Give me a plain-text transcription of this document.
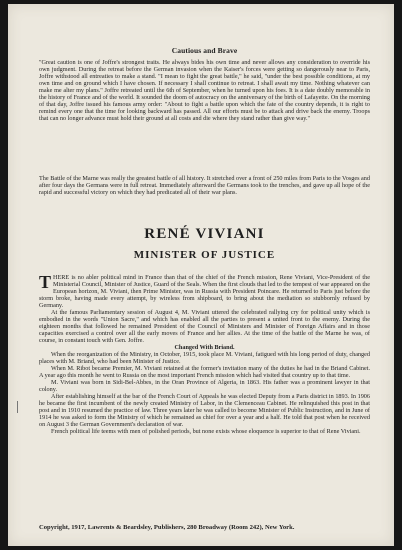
Cautious and Brave
"Great caution is one of Joffre's strongest traits. He always bides his own time and never allows any consideration to override his own judgment. During the retreat before the German invasion when the Kaiser's forces were getting so dangerously near to Paris, Joffre withstood all entreaties to make a stand. "I mean to fight the great battle," he said, "under the best possible conditions, at my own time and on ground which I have chosen. If necessary I shall continue to retreat. I shall await my time. Nothing whatever can make me alter my plans." Joffre retreated until the 6th of September, when he turned upon his foes. It is a date doubly memorable in the history of France and of the world. It sounded the doom of autocracy on the anniversary of the birth of Lafayette. On the morning of that day, Joffre issued his famous army order: "About to fight a battle upon which the fate of the country depends, it is right to remind every one that the time for looking backward has passed. All our efforts must be to attack and drive back the enemy. Troops that can no longer advance must hold their ground at all costs and die where they stand rather than give way."
The Battle of the Marne was really the greatest battle of all history. It stretched over a front of 250 miles from Paris to the Vosges and after four days the Germans were in full retreat. Immediately afterward the Germans took to the trenches, and gave up all hope of the rapid and successful victory on which they had predicated all of their war plans.
RENÉ VIVIANI
MINISTER OF JUSTICE

THERE is no abler political mind in France than that of the chief of the French mission, Rene Viviani, Vice-President of the Ministerial Council, Minister of Justice, Guard of the Seals. When the first clouds that led to the tempest of war appeared on the European horizon, M. Viviani, then Prime Minister, was in Russia with President Poincare. He returned to Paris just before the storm broke, having made every attempt, by wireless from shipboard, to bring about the mediation so stubbornly refused by Germany.

At the famous Parliamentary session of August 4, M. Viviani uttered the celebrated rallying cry for political unity which is embodied in the words "Union Sacre," and which has enabled all the parties to present a united front to the enemy. During the eighteen months that followed he remained President of the Council of Ministers and Minister of Foreign Affairs and in those capacities exercised a control over all the early moves of France and her allies. At the time of the battle of the Marne he was, of course, in constant touch with Gen. Joffre.

Changed With Briand.

When the reorganization of the Ministry, in October, 1915, took place M. Viviani, fatigued with his long period of duty, changed places with M. Briand, who had been Minister of Justice.

When M. Ribot became Premier, M. Viviani retained at the former's invitation many of the duties he had in the Briand Cabinet. A year ago this month he went to Russia on the most important French mission which had visited that country up to that time.

M. Viviani was born in Sidi-Bel-Abbes, in the Oran Province of Algeria, in 1863. His father was a prominent lawyer in that colony.

After establishing himself at the bar of the French Court of Appeals he was elected Deputy from a Paris district in 1893. In 1906 he became the first incumbent of the newly created Ministry of Labor, in the Clemenceau Cabinet. He relinquished this post in that post and in 1910 resumed the practice of law. Three years later he was called to become Minister of Public Instruction, and in June of 1914 he was asked to form the Ministry of which he remained as chief for over a year and a half. He told that post when he received on August 3 the German Government's declaration of war.

French political life teems with men of polished periods, but none exists whose eloquence is superior to that of Rene Viviani.

Copyright, 1917, Lawrents & Beardsley, Publishers, 280 Broadway (Room 242), New York.
